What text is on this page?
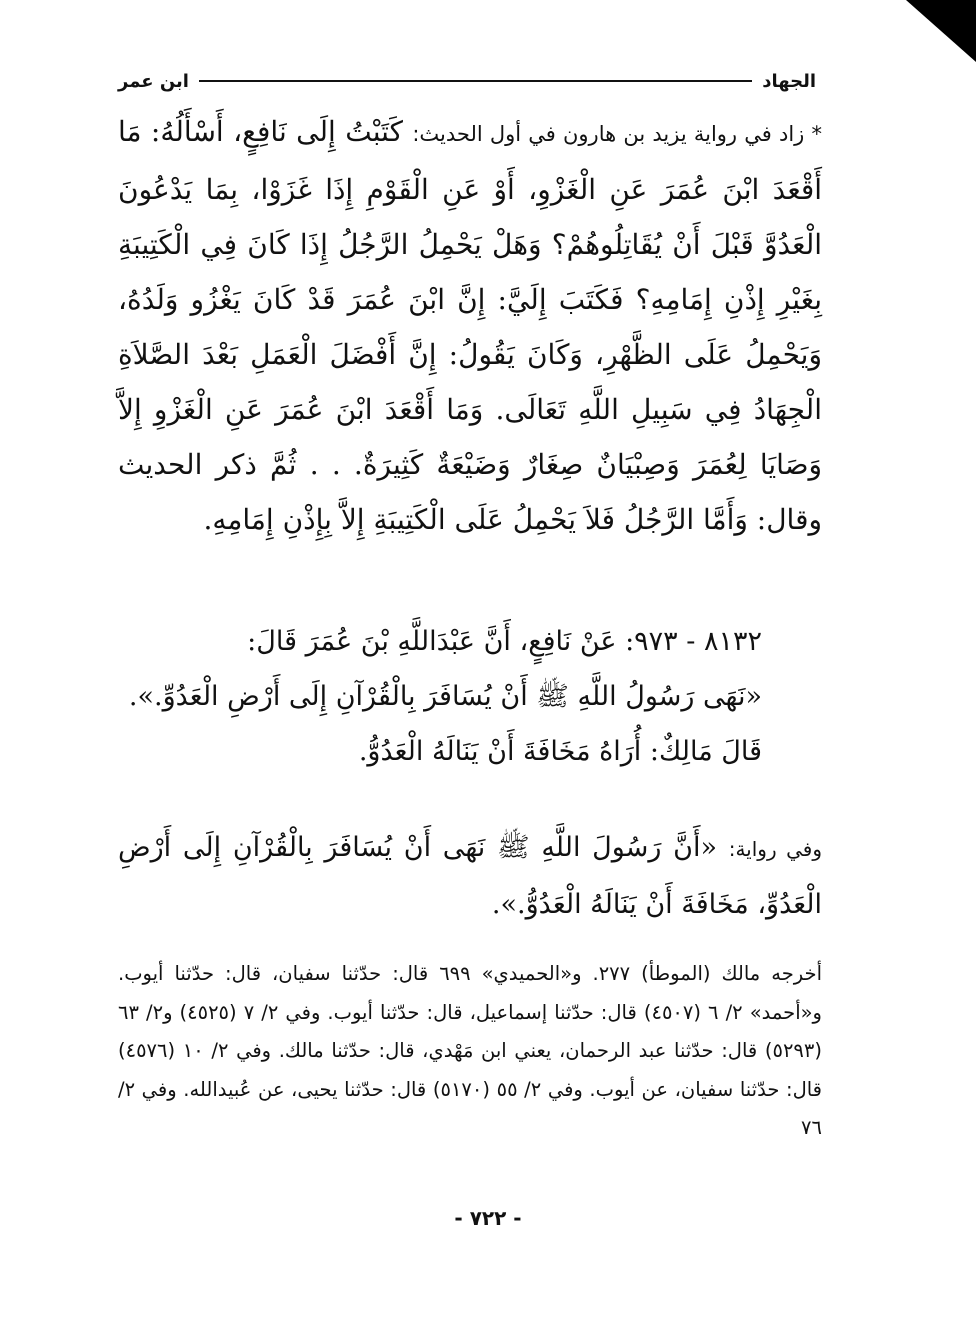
الجهاد
ابن عمر

* زاد في رواية يزيد بن هارون في أول الحديث: كَتَبْتُ إِلَى نَافِعٍ، أَسْأَلُهُ: مَا أَقْعَدَ ابْنَ عُمَرَ عَنِ الْغَزْوِ، أَوْ عَنِ الْقَوْمِ إِذَا غَزَوْا، بِمَا يَدْعُونَ الْعَدُوَّ قَبْلَ أَنْ يُقَاتِلُوهُمْ؟ وَهَلْ يَحْمِلُ الرَّجُلُ إِذَا كَانَ فِي الْكَتِيبَةِ بِغَيْرِ إِذْنِ إِمَامِهِ؟ فَكَتَبَ إِلَيَّ: إِنَّ ابْنَ عُمَرَ قَدْ كَانَ يَغْزُو وَلَدُهُ، وَيَحْمِلُ عَلَى الظَّهْرِ، وَكَانَ يَقُولُ: إِنَّ أَفْضَلَ الْعَمَلِ بَعْدَ الصَّلاَةِ الْجِهَادُ فِي سَبِيلِ اللَّهِ تَعَالَى. وَمَا أَقْعَدَ ابْنَ عُمَرَ عَنِ الْغَزْوِ إِلاَّ وَصَايَا لِعُمَرَ وَصِبْيَانٌ صِغَارٌ وَضَيْعَةٌ كَثِيرَةٌ. . . ثُمَّ ذكر الحديث وقال: وَأَمَّا الرَّجُلُ فَلاَ يَحْمِلُ عَلَى الْكَتِيبَةِ إِلاَّ بِإِذْنِ إِمَامِهِ.

٨١٣٢ - ٩٧٣: عَنْ نَافِعٍ، أَنَّ عَبْدَاللَّهِ بْنَ عُمَرَ قَالَ:

«نَهَى رَسُولُ اللَّهِ ﷺ أَنْ يُسَافَرَ بِالْقُرْآنِ إِلَى أَرْضِ الْعَدُوِّ.».

قَالَ مَالِكٌ: أُرَاهُ مَخَافَةَ أَنْ يَنَالَهُ الْعَدُوُّ.

وفي رواية: «أَنَّ رَسُولَ اللَّهِ ﷺ نَهَى أَنْ يُسَافَرَ بِالْقُرْآنِ إِلَى أَرْضِ الْعَدُوِّ، مَخَافَةَ أَنْ يَنَالَهُ الْعَدُوُّ.».

أخرجه مالك (الموطأ) ٢٧٧. و«الحميدي» ٦٩٩ قال: حدّثنا سفيان، قال: حدّثنا أيوب. و«أحمد» ٢/ ٦ (٤٥٠٧) قال: حدّثنا إسماعيل، قال: حدّثنا أيوب. وفي ٢/ ٧ (٤٥٢٥) و٢/ ٦٣ (٥٢٩٣) قال: حدّثنا عبد الرحمان، يعني ابن مَهْدي، قال: حدّثنا مالك. وفي ٢/ ١٠ (٤٥٧٦) قال: حدّثنا سفيان، عن أيوب. وفي ٢/ ٥٥ (٥١٧٠) قال: حدّثنا يحيى، عن عُبيدالله. وفي ٢/ ٧٦

- ٧٢٢ -
